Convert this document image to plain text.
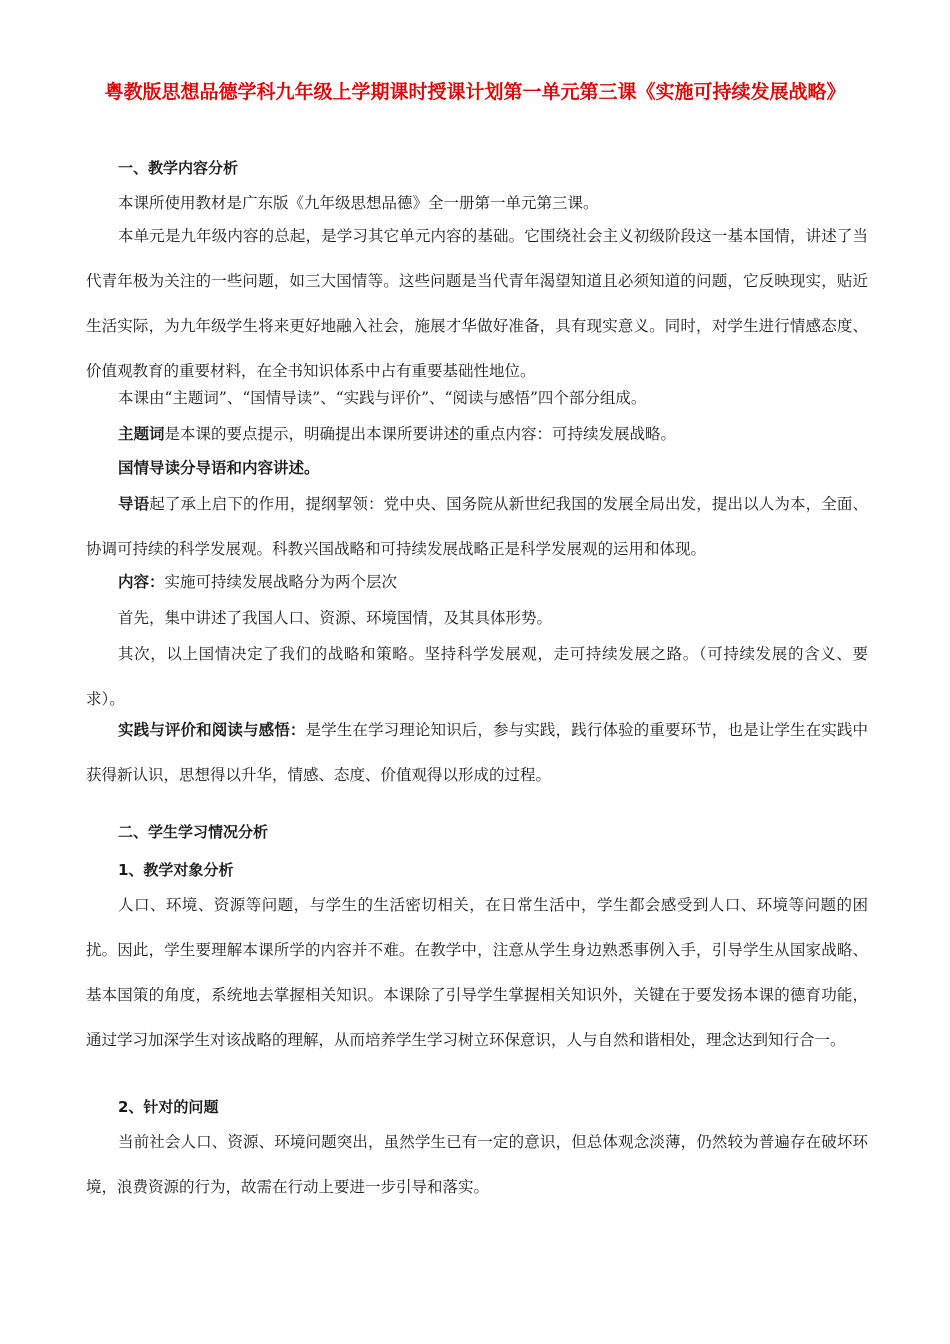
粤教版思想品德学科九年级上学期课时授课计划第一单元第三课《实施可持续发展战略》

一、教学内容分析

本课所使用教材是广东版《九年级思想品德》全一册第一单元第三课。

本单元是九年级内容的总起，是学习其它单元内容的基础。它围绕社会主义初级阶段这一基本国情，讲述了当代青年极为关注的一些问题，如三大国情等。这些问题是当代青年渴望知道且必须知道的问题，它反映现实，贴近生活实际，为九年级学生将来更好地融入社会，施展才华做好准备，具有现实意义。同时，对学生进行情感态度、价值观教育的重要材料，在全书知识体系中占有重要基础性地位。

本课由“主题词”、“国情导读”、“实践与评价”、“阅读与感悟”四个部分组成。

主题词是本课的要点提示，明确提出本课所要讲述的重点内容：可持续发展战略。

国情导读分导语和内容讲述。

导语起了承上启下的作用，提纲挈领：党中央、国务院从新世纪我国的发展全局出发，提出以人为本，全面、协调可持续的科学发展观。科教兴国战略和可持续发展战略正是科学发展观的运用和体现。

内容：实施可持续发展战略分为两个层次

首先，集中讲述了我国人口、资源、环境国情，及其具体形势。

其次，以上国情决定了我们的战略和策略。坚持科学发展观，走可持续发展之路。（可持续发展的含义、要求）。

实践与评价和阅读与感悟：是学生在学习理论知识后，参与实践，践行体验的重要环节，也是让学生在实践中获得新认识，思想得以升华，情感、态度、价值观得以形成的过程。

二、学生学习情况分析

1、教学对象分析

人口、环境、资源等问题，与学生的生活密切相关，在日常生活中，学生都会感受到人口、环境等问题的困扰。因此，学生要理解本课所学的内容并不难。在教学中，注意从学生身边熟悉事例入手，引导学生从国家战略、基本国策的角度，系统地去掌握相关知识。本课除了引导学生掌握相关知识外，关键在于要发扬本课的德育功能，通过学习加深学生对该战略的理解，从而培养学生学习树立环保意识，人与自然和谐相处，理念达到知行合一。

2、针对的问题

当前社会人口、资源、环境问题突出，虽然学生已有一定的意识，但总体观念淡薄，仍然较为普遍存在破坏环境，浪费资源的行为，故需在行动上要进一步引导和落实。
